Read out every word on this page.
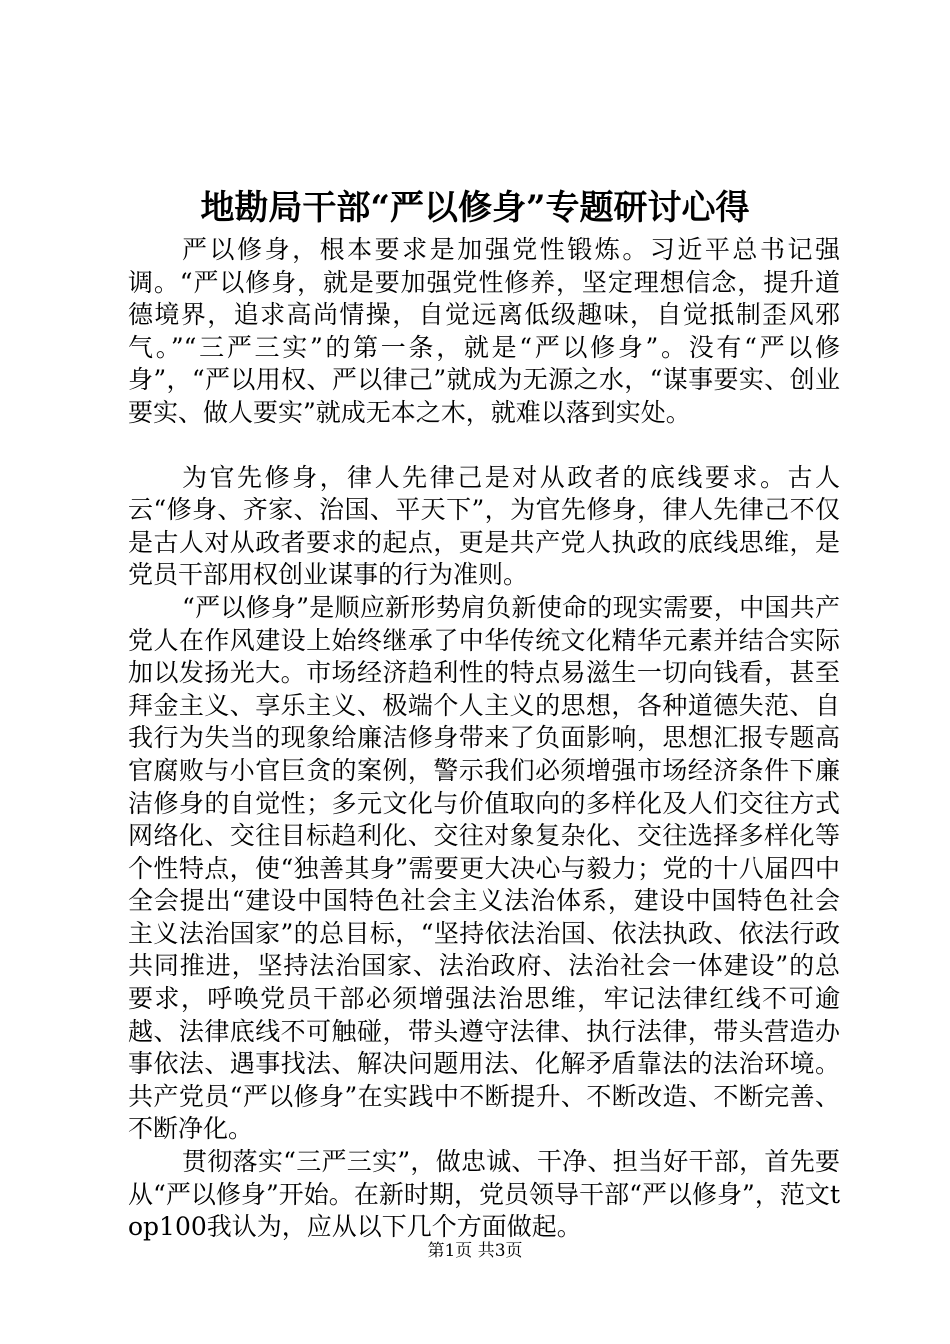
地勘局干部“严以修身”专题研讨心得

严以修身，根本要求是加强党性锻炼。习近平总书记强调。“严以修身，就是要加强党性修养，坚定理想信念，提升道德境界，追求高尚情操，自觉远离低级趣味，自觉抵制歪风邪气。”“三严三实”的第一条，就是“严以修身”。没有“严以修身”，“严以用权、严以律己”就成为无源之水，“谋事要实、创业要实、做人要实”就成无本之木，就难以落到实处。

为官先修身，律人先律己是对从政者的底线要求。古人云“修身、齐家、治国、平天下”，为官先修身，律人先律己不仅是古人对从政者要求的起点，更是共产党人执政的底线思维，是党员干部用权创业谋事的行为准则。

“严以修身”是顺应新形势肩负新使命的现实需要，中国共产党人在作风建设上始终继承了中华传统文化精华元素并结合实际加以发扬光大。市场经济趋利性的特点易滋生一切向钱看，甚至拜金主义、享乐主义、极端个人主义的思想，各种道德失范、自我行为失当的现象给廉洁修身带来了负面影响，思想汇报专题高官腐败与小官巨贪的案例，警示我们必须增强市场经济条件下廉洁修身的自觉性；多元文化与价值取向的多样化及人们交往方式网络化、交往目标趋利化、交往对象复杂化、交往选择多样化等个性特点，使“独善其身”需要更大决心与毅力；党的十八届四中全会提出“建设中国特色社会主义法治体系，建设中国特色社会主义法治国家”的总目标，“坚持依法治国、依法执政、依法行政共同推进，坚持法治国家、法治政府、法治社会一体建设”的总要求，呼唤党员干部必须增强法治思维，牢记法律红线不可逾越、法律底线不可触碰，带头遵守法律、执行法律，带头营造办事依法、遇事找法、解决问题用法、化解矛盾靠法的法治环境。共产党员“严以修身”在实践中不断提升、不断改造、不断完善、不断净化。

贯彻落实“三严三实”，做忠诚、干净、担当好干部，首先要从“严以修身”开始。在新时期，党员领导干部“严以修身”，范文top100我认为，应从以下几个方面做起。

第1页 共3页
